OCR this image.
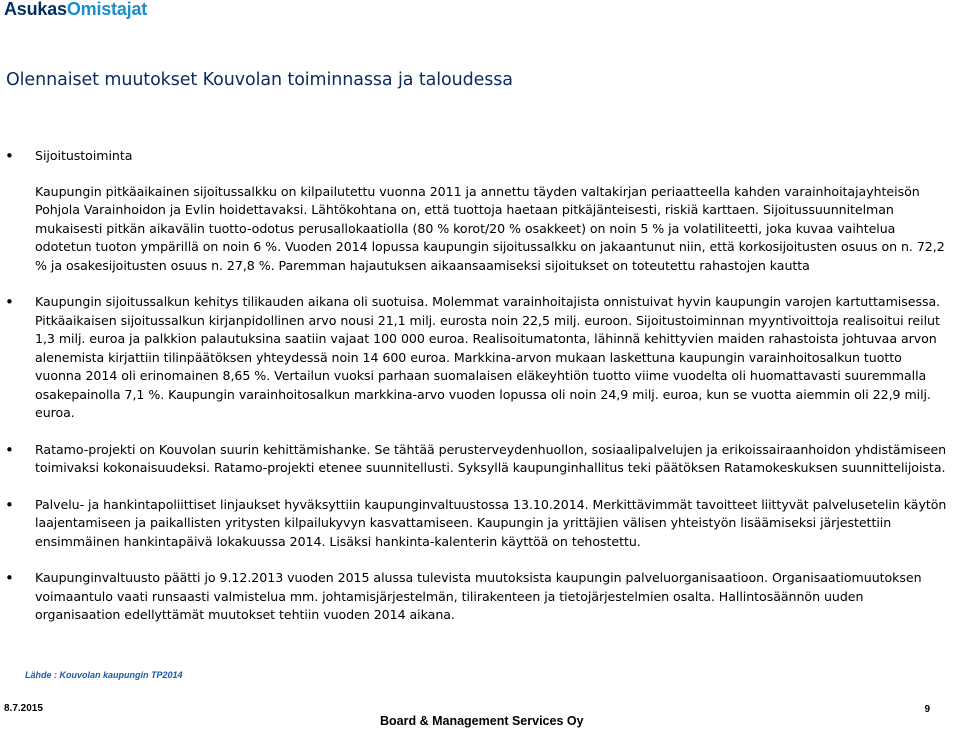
AsukasOmistajat
Olennaiset muutokset Kouvolan toiminnassa ja taloudessa
• Sijoitustoiminta

Kaupungin pitkäaikainen sijoitussalkku on kilpailutettu vuonna 2011 ja annettu täyden valtakirjan periaatteella kahden varainhoitajayhteisön Pohjola Varainhoidon ja Evlin hoidettavaksi. Lähtökohtana on, että tuottoja haetaan pitkäjänteisesti, riskiä karttaen. Sijoitussuunnitelman mukaisesti pitkän aikavälin tuotto-odotus perusallokaatiolla (80 % korot/20 % osakkeet) on noin 5 % ja volatiliteetti, joka kuvaa vaihtelua odotetun tuoton ympärillä on noin 6 %. Vuoden 2014 lopussa kaupungin sijoitussalkku on jakaantunut niin, että korkosijoitusten osuus on n. 72,2 % ja osakesijoitusten osuus n. 27,8 %. Paremman hajautuksen aikaansaamiseksi sijoitukset on toteutettu rahastojen kautta

• Kaupungin sijoitussalkun kehitys tilikauden aikana oli suotuisa. Molemmat varainhoitajista onnistuivat hyvin kaupungin varojen kartuttamisessa. Pitkäaikaisen sijoitussalkun kirjanpidollinen arvo nousi 21,1 milj. eurosta noin 22,5 milj. euroon. Sijoitustoiminnan myyntivoittoja realisoitui reilut 1,3 milj. euroa ja palkkion palautuksina saatiin vajaat 100 000 euroa. Realisoitumatonta, lähinnä kehittyvien maiden rahastoista johtuvaa arvon alenemista kirjattiin tilinpäätöksen yhteydessä noin 14 600 euroa. Markkina-arvon mukaan laskettuna kaupungin varainhoitosalkun tuotto vuonna 2014 oli erinomainen 8,65 %. Vertailun vuoksi parhaan suomalaisen eläkeyhtiön tuotto viime vuodelta oli huomattavasti suuremmalla osakepainolla 7,1 %. Kaupungin varainhoitosalkun markkina-arvo vuoden lopussa oli noin 24,9 milj. euroa, kun se vuotta aiemmin oli 22,9 milj. euroa.

• Ratamo-projekti on Kouvolan suurin kehittämishanke. Se tähtää perusterveydenhuollon, sosiaalipalvelujen ja erikoissairaanhoidon yhdistämiseen toimivaksi kokonaisuudeksi. Ratamo-projekti etenee suunnitellusti. Syksyllä kaupunginhallitus teki päätöksen Ratamokeskuksen suunnittelijoista.

• Palvelu- ja hankintapoliittiset linjaukset hyväksyttiin kaupunginvaltuustossa 13.10.2014. Merkittävimmät tavoitteet liittyvät palvelusetelin käytön laajentamiseen ja paikallisten yritysten kilpailukyvyn kasvattamiseen. Kaupungin ja yrittäjien välisen yhteistyön lisäämiseksi järjestettiin ensimmäinen hankintapäivä lokakuussa 2014. Lisäksi hankinta-kalenterin käyttöä on tehostettu.

• Kaupunginvaltuusto päätti jo 9.12.2013 vuoden 2015 alussa tulevista muutoksista kaupungin palveluorganisaatioon. Organisaatiomuutoksen voimaantulo vaati runsaasti valmistelua mm. johtamisjärjestelmän, tilirakenteen ja tietojärjestelmien osalta. Hallintosäännön uuden organisaation edellyttämät muutokset tehtiin vuoden 2014 aikana.

Lähde : Kouvolan kaupungin TP2014
8.7.2015
Board & Management Services Oy
9
